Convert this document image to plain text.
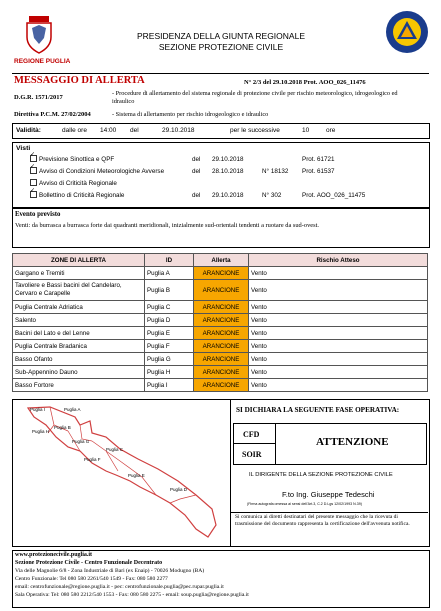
REGIONE PUGLIA
PRESIDENZA DELLA GIUNTA REGIONALE
SEZIONE PROTEZIONE CIVILE
MESSAGGIO DI ALLERTA	N° 2/3 del 29.10.2018 Prot. AOO_026_11476
D.G.R. 1571/2017
- Procedure di allertamento del sistema regionale di protezione civile per rischio meteorologico, idrogeologico ed idraulico
Direttiva P.C.M. 27/02/2004	- Sistema di allertamento per rischio idrogeologico e idraulico
Validità:	dalle ore 14:00 del	29.10.2018	per le successive	10	ore
Visti
✓
Previsione Sinottica e QPF	del 29.10.2018	Prot. 61721
✓
Avviso di Condizioni Meteorologiche Avverse	del 28.10.2018	N° 18132 Prot. 61537
Avviso di Criticità Regionale
✓
Bollettino di Criticità Regionale	del 29.10.2018	N° 302	Prot. AOO_026_11475
Evento previsto
Venti: da burrasca a burrasca forte dai quadranti meridionali, inizialmente sud-orientali tendenti a ruotare da sud-ovest.
ZONE DI ALLERTA	ID	Allerta	Rischio Atteso
Gargano e Tremiti	Puglia A	ARANCIONE	Vento
Tavoliere e Bassi bacini del Candelaro, Cervaro e Carapelle	Puglia B	ARANCIONE	Vento
Puglia Centrale Adriatica	Puglia C	ARANCIONE	Vento
Salento	Puglia D	ARANCIONE	Vento
Bacini del Lato e del Lenne	Puglia E	ARANCIONE	Vento
Puglia Centrale Bradanica	Puglia F	ARANCIONE	Vento
Basso Ofanto	Puglia G	ARANCIONE	Vento
Sub-Appennino Dauno	Puglia H	ARANCIONE	Vento
Basso Fortore	Puglia I	ARANCIONE	Vento
Puglia I	Puglia A
Puglia H
Puglia B
Puglia G
Puglia C
Puglia F
Puglia E
Puglia D
SI DICHIARA LA SEGUENTE FASE OPERATIVA:
CFD
SOIR
ATTENZIONE
IL DIRIGENTE DELLA SEZIONE PROTEZIONE CIVILE
F.to Ing. Giuseppe Tedeschi
(Firma autografa omessa ai sensi dell'Art.3, C.2 D.Lgs 12/02/1993 N.39)
Si comunica ai diretti destinatari del presente messaggio che la ricevuta di trasmissione del documento rappresenta la certificazione dell'avvenuta notifica.
www.protezionecivile.puglia.it
Sezione Protezione Civile - Centro Funzionale Decentrato
Via delle Magnolie 6/8 - Zona Industriale di Bari (ex Enaip) - 70026 Modugno (BA)
Centro Funzionale: Tel 080 580 2261/540 1549 - Fax: 080 580 2277
email: centrofunzionale@regione.puglia.it - pec: centrofunzionale.puglia@pec.rupar.puglia.it
Sala Operativa: Tel: 080 580 2212/540 1553 - Fax: 080 580 2275 - email: soup.puglia@regione.puglia.it
